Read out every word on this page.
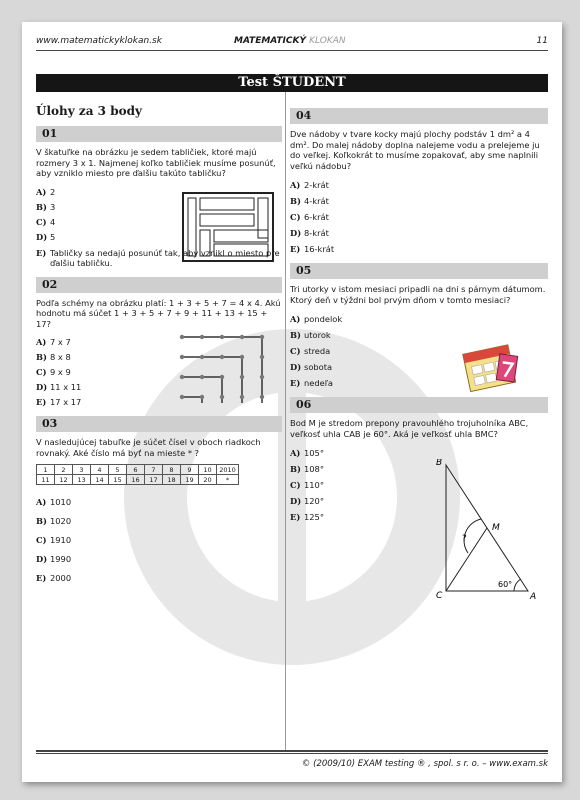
www.matematickyklokan.sk	MATEMATICKÝ KLOKAN	11
Test ŠTUDENT
Úlohy za 3 body
01
V škatuľke na obrázku je sedem tabličiek, ktoré majú rozmery 3 x 1. Najmenej koľko tabličiek musíme posunúť, aby vzniklo miesto pre ďalšiu takúto tabličku?
A) 2
B) 3
C) 4
D) 5
E) Tabličky sa nedajú posunúť tak, aby vznikl o miesto pre ďalšiu tabličku.
02
Podľa schémy na obrázku platí: 1 + 3 + 5 + 7 = 4 x 4. Akú hodnotu má súčet 1 + 3 + 5 + 7 + 9 + 11 + 13 + 15 + 17?
A) 7 x 7
B) 8 x 8
C) 9 x 9
D) 11 x 11
E) 17 x 17
03
V nasledujúcej tabuľke je súčet čísel v oboch riadkoch rovnaký. Aké číslo má byť na mieste * ?
1	2	3	4	5	6	7	8	9	10	2010
11	12	13	14	15	16	17	18	19	20	*
A) 1010
B) 1020
C) 1910
D) 1990
E) 2000
04
Dve nádoby v tvare kocky majú plochy podstáv 1 dm² a 4 dm². Do malej nádoby doplna nalejeme vodu a prelejeme ju do veľkej. Koľkokrát to musíme zopakovať, aby sme naplnili veľkú nádobu?
A) 2-krát
B) 4-krát
C) 6-krát
D) 8-krát
E) 16-krát
05
Tri utorky v istom mesiaci pripadli na dni s párnym dátumom. Ktorý deň v týždni bol prvým dňom v tomto mesiaci?
A) pondelok
B) utorok
C) streda
D) sobota
E) nedeľa
06
Bod M je stredom prepony pravouhlého trojuholníka ABC, veľkosť uhla CAB je 60°. Aká je veľkosť uhla BMC?
B
C	A
M
60°
?
A) 105°
B) 108°
C) 110°
D) 120°
E) 125°
© (2009/10) EXAM testing ® , spol. s r. o. – www.exam.sk
